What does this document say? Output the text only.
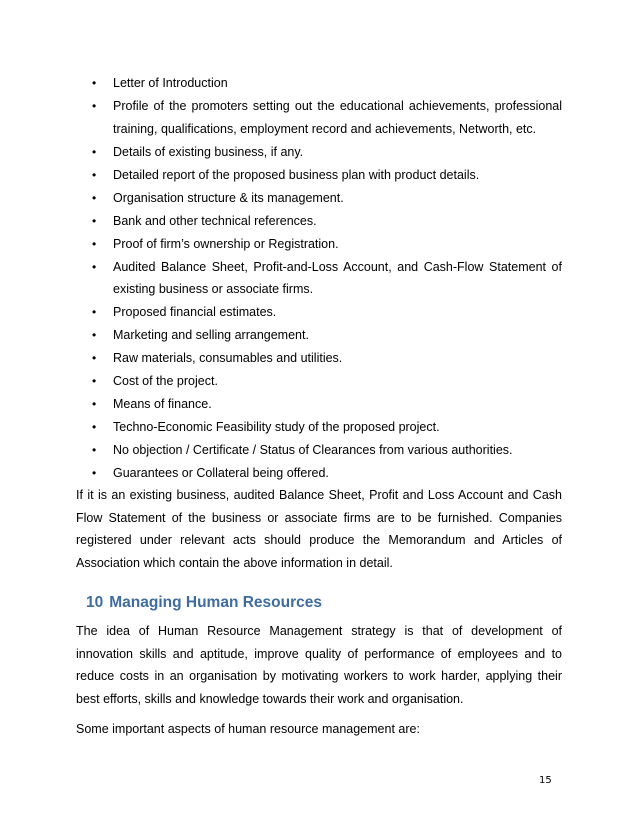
• Letter of Introduction
• Profile of the promoters setting out the educational achievements, professional training, qualifications, employment record and achievements, Networth, etc.
• Details of existing business, if any.
• Detailed report of the proposed business plan with product details.
• Organisation structure & its management.
• Bank and other technical references.
• Proof of firm’s ownership or Registration.
• Audited Balance Sheet, Profit-and-Loss Account, and Cash-Flow Statement of existing business or associate firms.
• Proposed financial estimates.
• Marketing and selling arrangement.
• Raw materials, consumables and utilities.
• Cost of the project.
• Means of finance.
• Techno-Economic Feasibility study of the proposed project.
• No objection / Certificate / Status of Clearances from various authorities.
• Guarantees or Collateral being offered.

If it is an existing business, audited Balance Sheet, Profit and Loss Account and Cash Flow Statement of the business or associate firms are to be furnished. Companies registered under relevant acts should produce the Memorandum and Articles of Association which contain the above information in detail.

10 Managing Human Resources

The idea of Human Resource Management strategy is that of development of innovation skills and aptitude, improve quality of performance of employees and to reduce costs in an organisation by motivating workers to work harder, applying their best efforts, skills and knowledge towards their work and organisation.

Some important aspects of human resource management are:

15
